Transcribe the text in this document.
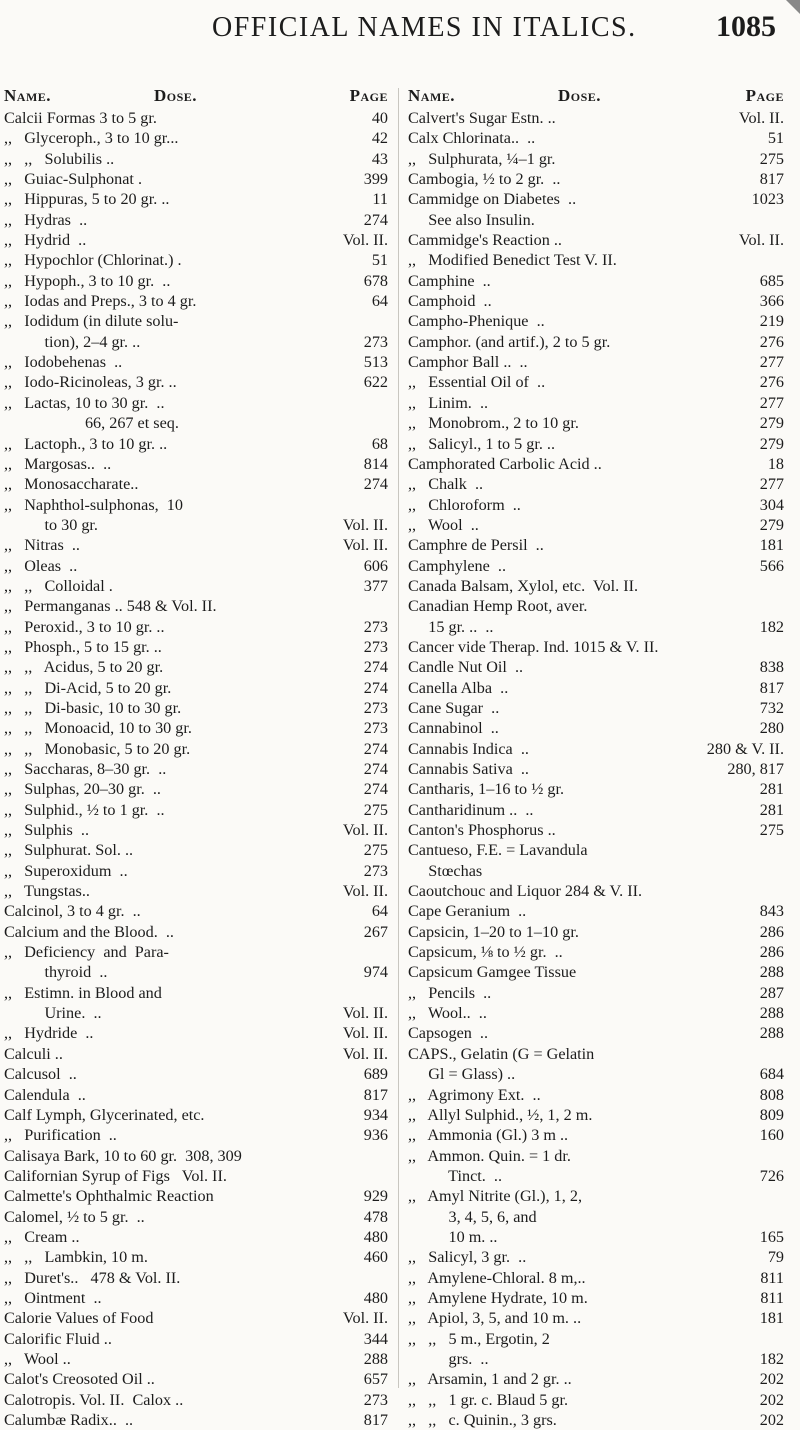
OFFICIAL NAMES IN ITALICS.	1085
Name.	Dose.	Page
Calcii Formas 3 to 5 gr.	40
,,   Glyceroph., 3 to 10 gr...	42
,,   ,,   Solubilis ..	43
,,   Guiac-Sulphonat .	399
,,   Hippuras, 5 to 20 gr. ..	11
,,   Hydras  ..	274
,,   Hydrid  ..	Vol. II.
,,   Hypochlor (Chlorinat.) .	51
,,   Hypoph., 3 to 10 gr.  ..	678
,,   Iodas and Preps., 3 to 4 gr.	64
,,   Iodidum (in dilute solu-
tion), 2–4 gr. ..	273
,,   Iodobehenas  ..	513
,,   Iodo-Ricinoleas, 3 gr. ..	622
,,   Lactas, 10 to 30 gr.  ..
66, 267 et seq.
,,   Lactoph., 3 to 10 gr. ..	68
,,   Margosas..  ..	814
,,   Monosaccharate..	274
,,   Naphthol-sulphonas,  10
to 30 gr.	Vol. II.
,,   Nitras  ..	Vol. II.
,,   Oleas  ..	606
,,   ,,   Colloidal .	377
,,   Permanganas .. 548 & Vol. II.
,,   Peroxid., 3 to 10 gr. ..	273
,,   Phosph., 5 to 15 gr. ..	273
,,   ,,   Acidus, 5 to 20 gr.	274
,,   ,,   Di-Acid, 5 to 20 gr.	274
,,   ,,   Di-basic, 10 to 30 gr.	273
,,   ,,   Monoacid, 10 to 30 gr.	273
,,   ,,   Monobasic, 5 to 20 gr.	274
,,   Saccharas, 8–30 gr.  ..	274
,,   Sulphas, 20–30 gr.  ..	274
,,   Sulphid., ½ to 1 gr.  ..	275
,,   Sulphis  ..	Vol. II.
,,   Sulphurat. Sol. ..	275
,,   Superoxidum  ..	273
,,   Tungstas..	Vol. II.
Calcinol, 3 to 4 gr.  ..	64
Calcium and the Blood.  ..	267
,,   Deficiency  and  Para-
thyroid  ..	974
,,   Estimn. in Blood and
Urine.  ..	Vol. II.
,,   Hydride  ..	Vol. II.
Calculi ..	Vol. II.
Calcusol  ..	689
Calendula  ..	817
Calf Lymph, Glycerinated, etc.	934
,,   Purification  ..	936
Calisaya Bark, 10 to 60 gr.  308, 309
Californian Syrup of Figs   Vol. II.
Calmette's Ophthalmic Reaction	929
Calomel, ½ to 5 gr.  ..	478
,,   Cream ..	480
,,   ,,   Lambkin, 10 m.	460
,,   Duret's..   478 & Vol. II.
,,   Ointment  ..	480
Calorie Values of Food	Vol. II.
Calorific Fluid ..	344
,,   Wool ..	288
Calot's Creosoted Oil ..	657
Calotropis. Vol. II.  Calox ..	273
Calumbæ Radix..  ..	817
Name.	Dose.	Page
Calvert's Sugar Estn. ..	Vol. II.
Calx Chlorinata..  ..	51
,,   Sulphurata, ¼–1 gr.	275
Cambogia, ½ to 2 gr.  ..	817
Cammidge on Diabetes  ..	1023
See also Insulin.
Cammidge's Reaction ..	Vol. II.
,,   Modified Benedict Test V. II.
Camphine  ..	685
Camphoid  ..	366
Campho-Phenique  ..	219
Camphor. (and artif.), 2 to 5 gr.	276
Camphor Ball ..  ..	277
,,   Essential Oil of  ..	276
,,   Linim.  ..	277
,,   Monobrom., 2 to 10 gr.	279
,,   Salicyl., 1 to 5 gr. ..	279
Camphorated Carbolic Acid ..	18
,,   Chalk  ..	277
,,   Chloroform  ..	304
,,   Wool  ..	279
Camphre de Persil  ..	181
Camphylene  ..	566
Canada Balsam, Xylol, etc.  Vol. II.
Canadian Hemp Root, aver.
15 gr. ..  ..	182
Cancer vide Therap. Ind. 1015 & V. II.
Candle Nut Oil  ..	838
Canella Alba  ..	817
Cane Sugar  ..	732
Cannabinol  ..	280
Cannabis Indica  ..	280 & V. II.
Cannabis Sativa  ..	280, 817
Cantharis, 1–16 to ½ gr.	281
Cantharidinum ..  ..	281
Canton's Phosphorus ..	275
Cantueso, F.E. = Lavandula
Stœchas
Caoutchouc and Liquor 284 & V. II.
Cape Geranium  ..	843
Capsicin, 1–20 to 1–10 gr.	286
Capsicum, ⅛ to ½ gr.  ..	286
Capsicum Gamgee Tissue	288
,,   Pencils  ..	287
,,   Wool..  ..	288
Capsogen  ..	288
CAPS., Gelatin (G = Gelatin
Gl = Glass) ..	684
,,   Agrimony Ext.  ..	808
,,   Allyl Sulphid., ½, 1, 2 m.	809
,,   Ammonia (Gl.) 3 m ..	160
,,   Ammon. Quin. = 1 dr.
Tinct.  ..	726
,,   Amyl Nitrite (Gl.), 1, 2,
3, 4, 5, 6, and
10 m. ..	165
,,   Salicyl, 3 gr.  ..	79
,,   Amylene-Chloral. 8 m,..	811
,,   Amylene Hydrate, 10 m.	811
,,   Apiol, 3, 5, and 10 m. ..	181
,,   ,,   5 m., Ergotin, 2
grs.  ..	182
,,   Arsamin, 1 and 2 gr. ..	202
,,   ,,   1 gr. c. Blaud 5 gr.	202
,,   ,,   c. Quinin., 3 grs.	202
